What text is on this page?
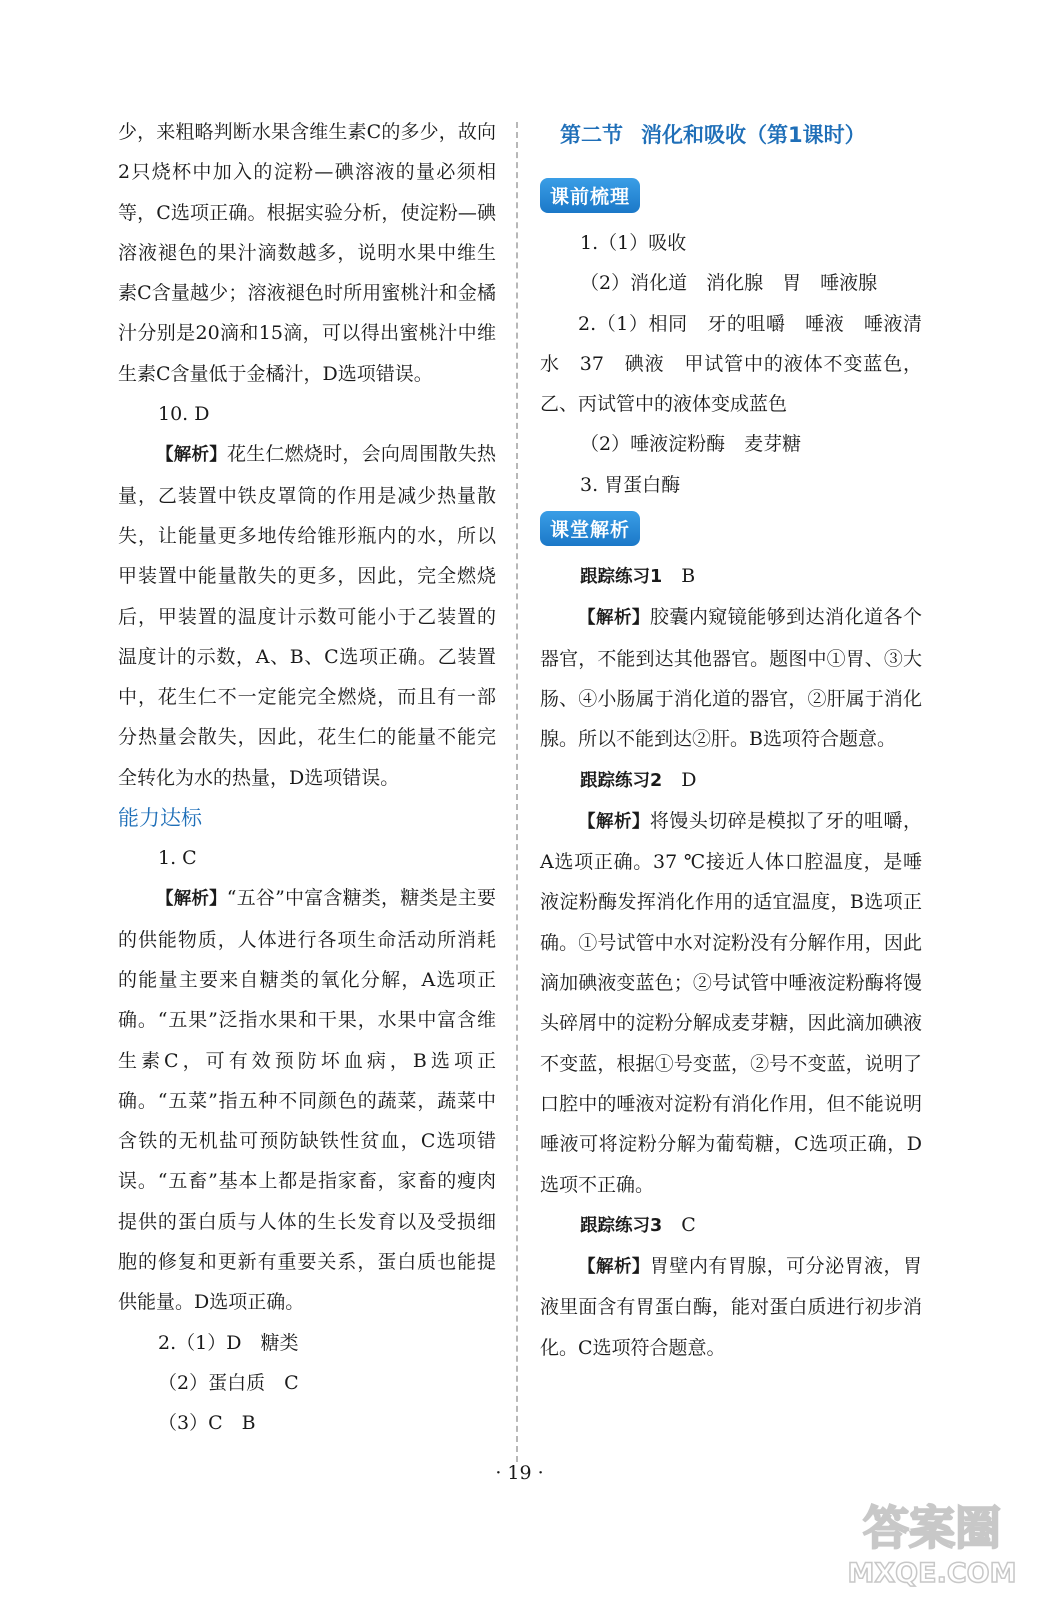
少，来粗略判断水果含维生素C的多少，故向2只烧杯中加入的淀粉—碘溶液的量必须相等，C选项正确。根据实验分析，使淀粉—碘溶液褪色的果汁滴数越多，说明水果中维生素C含量越少；溶液褪色时所用蜜桃汁和金橘汁分别是20滴和15滴，可以得出蜜桃汁中维生素C含量低于金橘汁，D选项错误。

10. D

【解析】花生仁燃烧时，会向周围散失热量，乙装置中铁皮罩筒的作用是减少热量散失，让能量更多地传给锥形瓶内的水，所以甲装置中能量散失的更多，因此，完全燃烧后，甲装置的温度计示数可能小于乙装置的温度计的示数，A、B、C选项正确。乙装置中，花生仁不一定能完全燃烧，而且有一部分热量会散失，因此，花生仁的能量不能完全转化为水的热量，D选项错误。

能力达标

1. C

【解析】“五谷”中富含糖类，糖类是主要的供能物质，人体进行各项生命活动所消耗的能量主要来自糖类的氧化分解，A选项正确。“五果”泛指水果和干果，水果中富含维生素C，可有效预防坏血病，B选项正确。“五菜”指五种不同颜色的蔬菜，蔬菜中含铁的无机盐可预防缺铁性贫血，C选项错误。“五畜”基本上都是指家畜，家畜的瘦肉提供的蛋白质与人体的生长发育以及受损细胞的修复和更新有重要关系，蛋白质也能提供能量。D选项正确。

2.（1）D　糖类

（2）蛋白质　C

（3）C　B

第二节 消化和吸收（第1课时）
课前梳理

1.（1）吸收

（2）消化道　消化腺　胃　唾液腺

2.（1）相同　牙的咀嚼　唾液　唾液清水　37　碘液　甲试管中的液体不变蓝色，乙、丙试管中的液体变成蓝色

（2）唾液淀粉酶　麦芽糖

3. 胃蛋白酶

课堂解析

跟踪练习1　 B

【解析】胶囊内窥镜能够到达消化道各个器官，不能到达其他器官。题图中①胃、③大肠、④小肠属于消化道的器官，②肝属于消化腺。所以不能到达②肝。B选项符合题意。

跟踪练习2　 D

【解析】将馒头切碎是模拟了牙的咀嚼，A选项正确。37 ℃接近人体口腔温度，是唾液淀粉酶发挥消化作用的适宜温度，B选项正确。①号试管中水对淀粉没有分解作用，因此滴加碘液变蓝色；②号试管中唾液淀粉酶将馒头碎屑中的淀粉分解成麦芽糖，因此滴加碘液不变蓝，根据①号变蓝，②号不变蓝，说明了口腔中的唾液对淀粉有消化作用，但不能说明唾液可将淀粉分解为葡萄糖，C选项正确，D选项不正确。

跟踪练习3　 C

【解析】胃壁内有胃腺，可分泌胃液，胃液里面含有胃蛋白酶，能对蛋白质进行初步消化。C选项符合题意。

· 19 ·
答案圈
MXQE.COM
